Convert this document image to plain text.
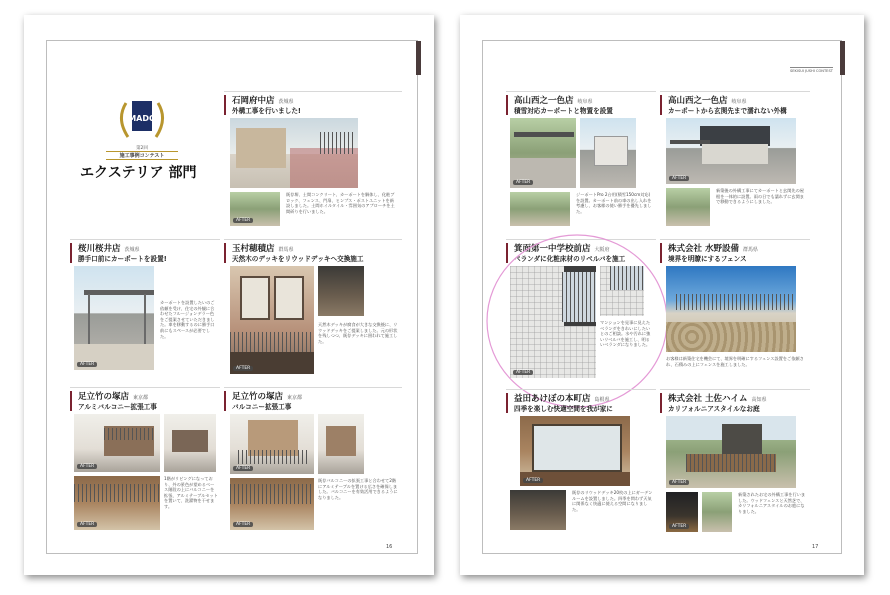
MADO
第2回
施工事例コンテスト
エクステリア 部門
石岡府中店 茨城県
外構工事を行いました!
AFTER
既存塀、土間コンクリート、カーポートを解体し、化粧ブロック、フェンス、門扉、ヒンプス・ポストユニットを新設しました。土間ホイルタイル・雰囲気のアプローチを土間斫りを行いました。
桜川桜井店 茨城県
勝手口前にカーポートを設置!
AFTER
カーポートを設置したいのご依頼を受け、住宅の外観に合わせたフルージョンデラー色をご提案させていただきました。車を移動するのに勝手口前にもスペースが必要でした。
玉村穂積店 群馬県
天然木のデッキをリウッドデッキへ交換施工
AFTER
天然木デッキが腐食が大きな交換後に、リウッドデッキをご提案しました。元の形状を残しつつ、既存デッキに囲われて施工した。
足立竹の塚店 東京都
アルミバルコニー拡張工事
AFTER
AFTER
1階がリビングになっており、外の景色が望めるベース階段の上にバルコニーを拡張、アルミテーブルセットを置いて、洗濯物を干せます。
足立竹の塚店 東京都
バルコニー拡張工事
AFTER
AFTER
既存バルコニーの拡張工事と合わせて2階にアルミテーブルを置ける広さを確保しました。バルコニーを有効活用できるようになりました。
16
SEKISUI JUSHI CONTEST
高山西之一色店 岐阜県
積雪対応カーポートと物置を設置
AFTER
ジーポートPro 2台用(積雪150cm対応)を設置。カーポート前の車の出し入れを考慮し、お客様の使い勝手を優先しました。
高山西之一色店 岐阜県
カーポートから玄関先まで濡れない外構
AFTER
新築後の外構工事にてカーポートと玄関先の屋根を一体的に設置。雨の日でも濡れずに玄関まで移動できるようにしました。
箕面第一中学校前店 大阪府
ベランダに化粧床材のリベルバを施工
AFTER
マンションを見事に見えたベランダをきれいにしたいとのご相談。水や汚れに強いリベルバを施工し、明るいベランダになりました。
株式会社 水野設備 群馬県
境界を明瞭にするフェンス
お客様は新築住宅を機会にて、境界を明確にするフェンス設置をご依頼され、石積みの上にフェンスを施工しました。
益田あけぼの本町店 島根県
四季を楽しむ快適空間を我が家に
AFTER
既存のリウッドデッキ20枚の上にガーデンルームを設置しました。四季を問わず天気に関係なく快適に使える空間になりました。
株式会社 土佐ハイム 高知県
カリフォルニアスタイルなお庭
AFTER
AFTER
新築されたお宅の外構工事を行いました。ウッドフェンスと天然芝で、カリフォルニアスタイルのお庭になりました。
17
